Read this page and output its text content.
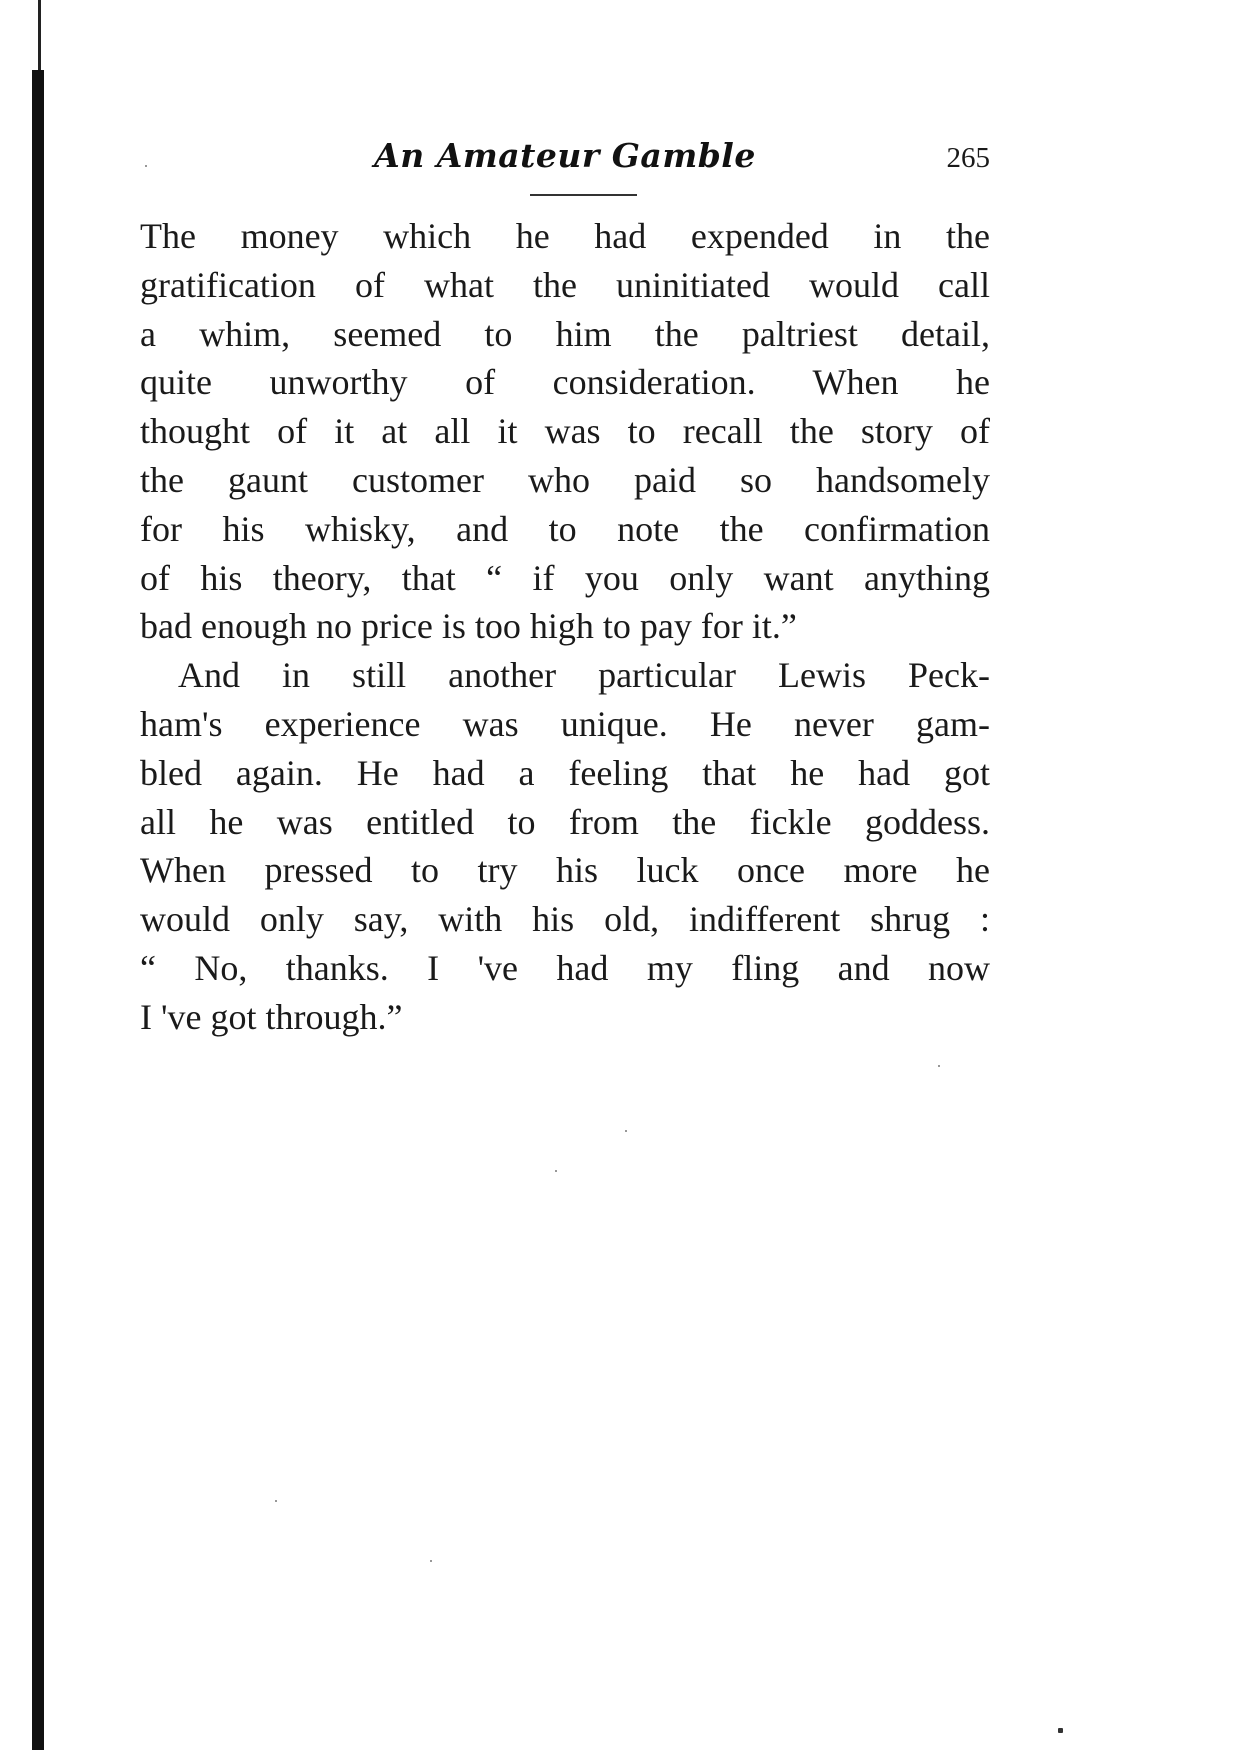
An Amateur Gamble	265

The money which he had expended in the
gratification of what the uninitiated would call
a whim, seemed to him the paltriest detail,
quite unworthy of consideration. When he
thought of it at all it was to recall the story of
the gaunt customer who paid so handsomely
for his whisky, and to note the confirmation
of his theory, that “ if you only want anything
bad enough no price is too high to pay for it.”

And in still another particular Lewis Peck-
ham's experience was unique. He never gam-
bled again. He had a feeling that he had got
all he was entitled to from the fickle goddess.
When pressed to try his luck once more he
would only say, with his old, indifferent shrug :
“ No, thanks. I 've had my fling and now
I 've got through.”
